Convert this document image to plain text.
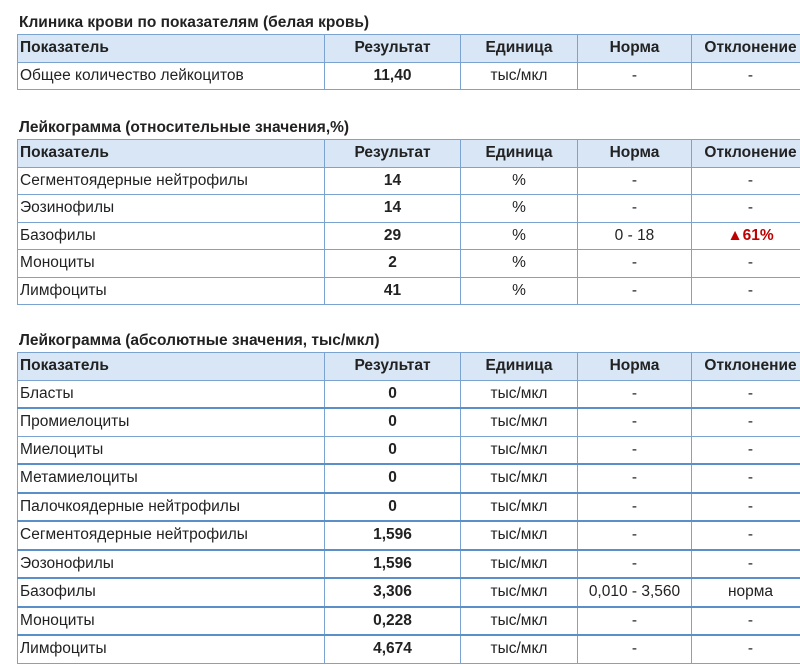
Клиника крови по показателям (белая кровь)
Показатель	Результат	Единица	Норма	Отклонение
Общее количество лейкоцитов	11,40	тыс/мкл	-	-
Лейкограмма (относительные значения,%)
Показатель	Результат	Единица	Норма	Отклонение
Сегментоядерные нейтрофилы	14	%	-	-
Эозинофилы	14	%	-	-
Базофилы	29	%	0 - 18	▲61%
Моноциты	2	%	-	-
Лимфоциты	41	%	-	-
Лейкограмма (абсолютные значения, тыс/мкл)
Показатель	Результат	Единица	Норма	Отклонение
Бласты	0	тыс/мкл	-	-
Промиелоциты	0	тыс/мкл	-	-
Миелоциты	0	тыс/мкл	-	-
Метамиелоциты	0	тыс/мкл	-	-
Палочкоядерные нейтрофилы	0	тыс/мкл	-	-
Сегментоядерные нейтрофилы	1,596	тыс/мкл	-	-
Эозонофилы	1,596	тыс/мкл	-	-
Базофилы	3,306	тыс/мкл	0,010 - 3,560	норма
Моноциты	0,228	тыс/мкл	-	-
Лимфоциты	4,674	тыс/мкл	-	-
